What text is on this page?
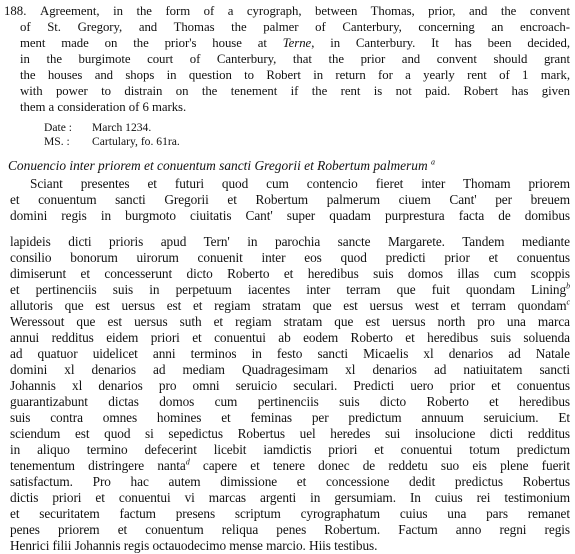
188. Agreement, in the form of a cyrograph, between Thomas, prior, and the convent
of St. Gregory, and Thomas the palmer of Canterbury, concerning an encroach-
ment made on the prior's house at Terne, in Canterbury. It has been decided,
in the burgimote court of Canterbury, that the prior and convent should grant
the houses and shops in question to Robert in return for a yearly rent of 1 mark,
with power to distrain on the tenement if the rent is not paid. Robert has given
them a consideration of 6 marks.
Date : March 1234.
MS. : Cartulary, fo. 61ra.
Conuencio inter priorem et conuentum sancti Gregorii et Robertum palmerum $^a$
Sciant presentes et futuri quod cum contencio fieret inter Thomam priorem
et conuentum sancti Gregorii et Robertum palmerum ciuem Cant' per breuem
domini regis in burgmoto ciuitatis Cant' super quadam purprestura facta de domibus
lapideis dicti prioris apud Tern' in parochia sancte Margarete. Tandem mediante
consilio bonorum uirorum conuenit inter eos quod predicti prior et conuentus
dimiserunt et concesserunt dicto Roberto et heredibus suis domos illas cum scoppis
et pertinenciis suis in perpetuum iacentes inter terram que fuit quondam Lining$^b$
allutoris que est uersus est et regiam stratam que est uersus west et terram quondam$^c$
Weressout que est uersus suth et regiam stratam que est uersus north pro una marca
annui redditus eidem priori et conuentui ab eodem Roberto et heredibus suis soluenda
ad quatuor uidelicet anni terminos in festo sancti Micaelis xl denarios ad Natale
domini xl denarios ad mediam Quadragesimam xl denarios ad natiuitatem sancti
Johannis xl denarios pro omni seruicio seculari. Predicti uero prior et conuentus
guarantizabunt dictas domos cum pertinenciis suis dicto Roberto et heredibus
suis contra omnes homines et feminas per predictum annuum seruicium. Et
sciendum est quod si sepedictus Robertus uel heredes sui insolucione dicti redditus
in aliquo termino defecerint licebit iamdictis priori et conuentui totum predictum
tenementum distringere nanta$^d$ capere et tenere donec de reddetu suo eis plene fuerit
satisfactum. Pro hac autem dimissione et concessione dedit predictus Robertus
dictis priori et conuentui vi marcas argenti in gersumiam. In cuius rei testimonium
et securitatem factum presens scriptum cyrographatum cuius una pars remanet
penes priorem et conuentum reliqua penes Robertum. Factum anno regni regis
Henrici filii Johannis regis octauodecimo mense marcio. Hiis testibus.
